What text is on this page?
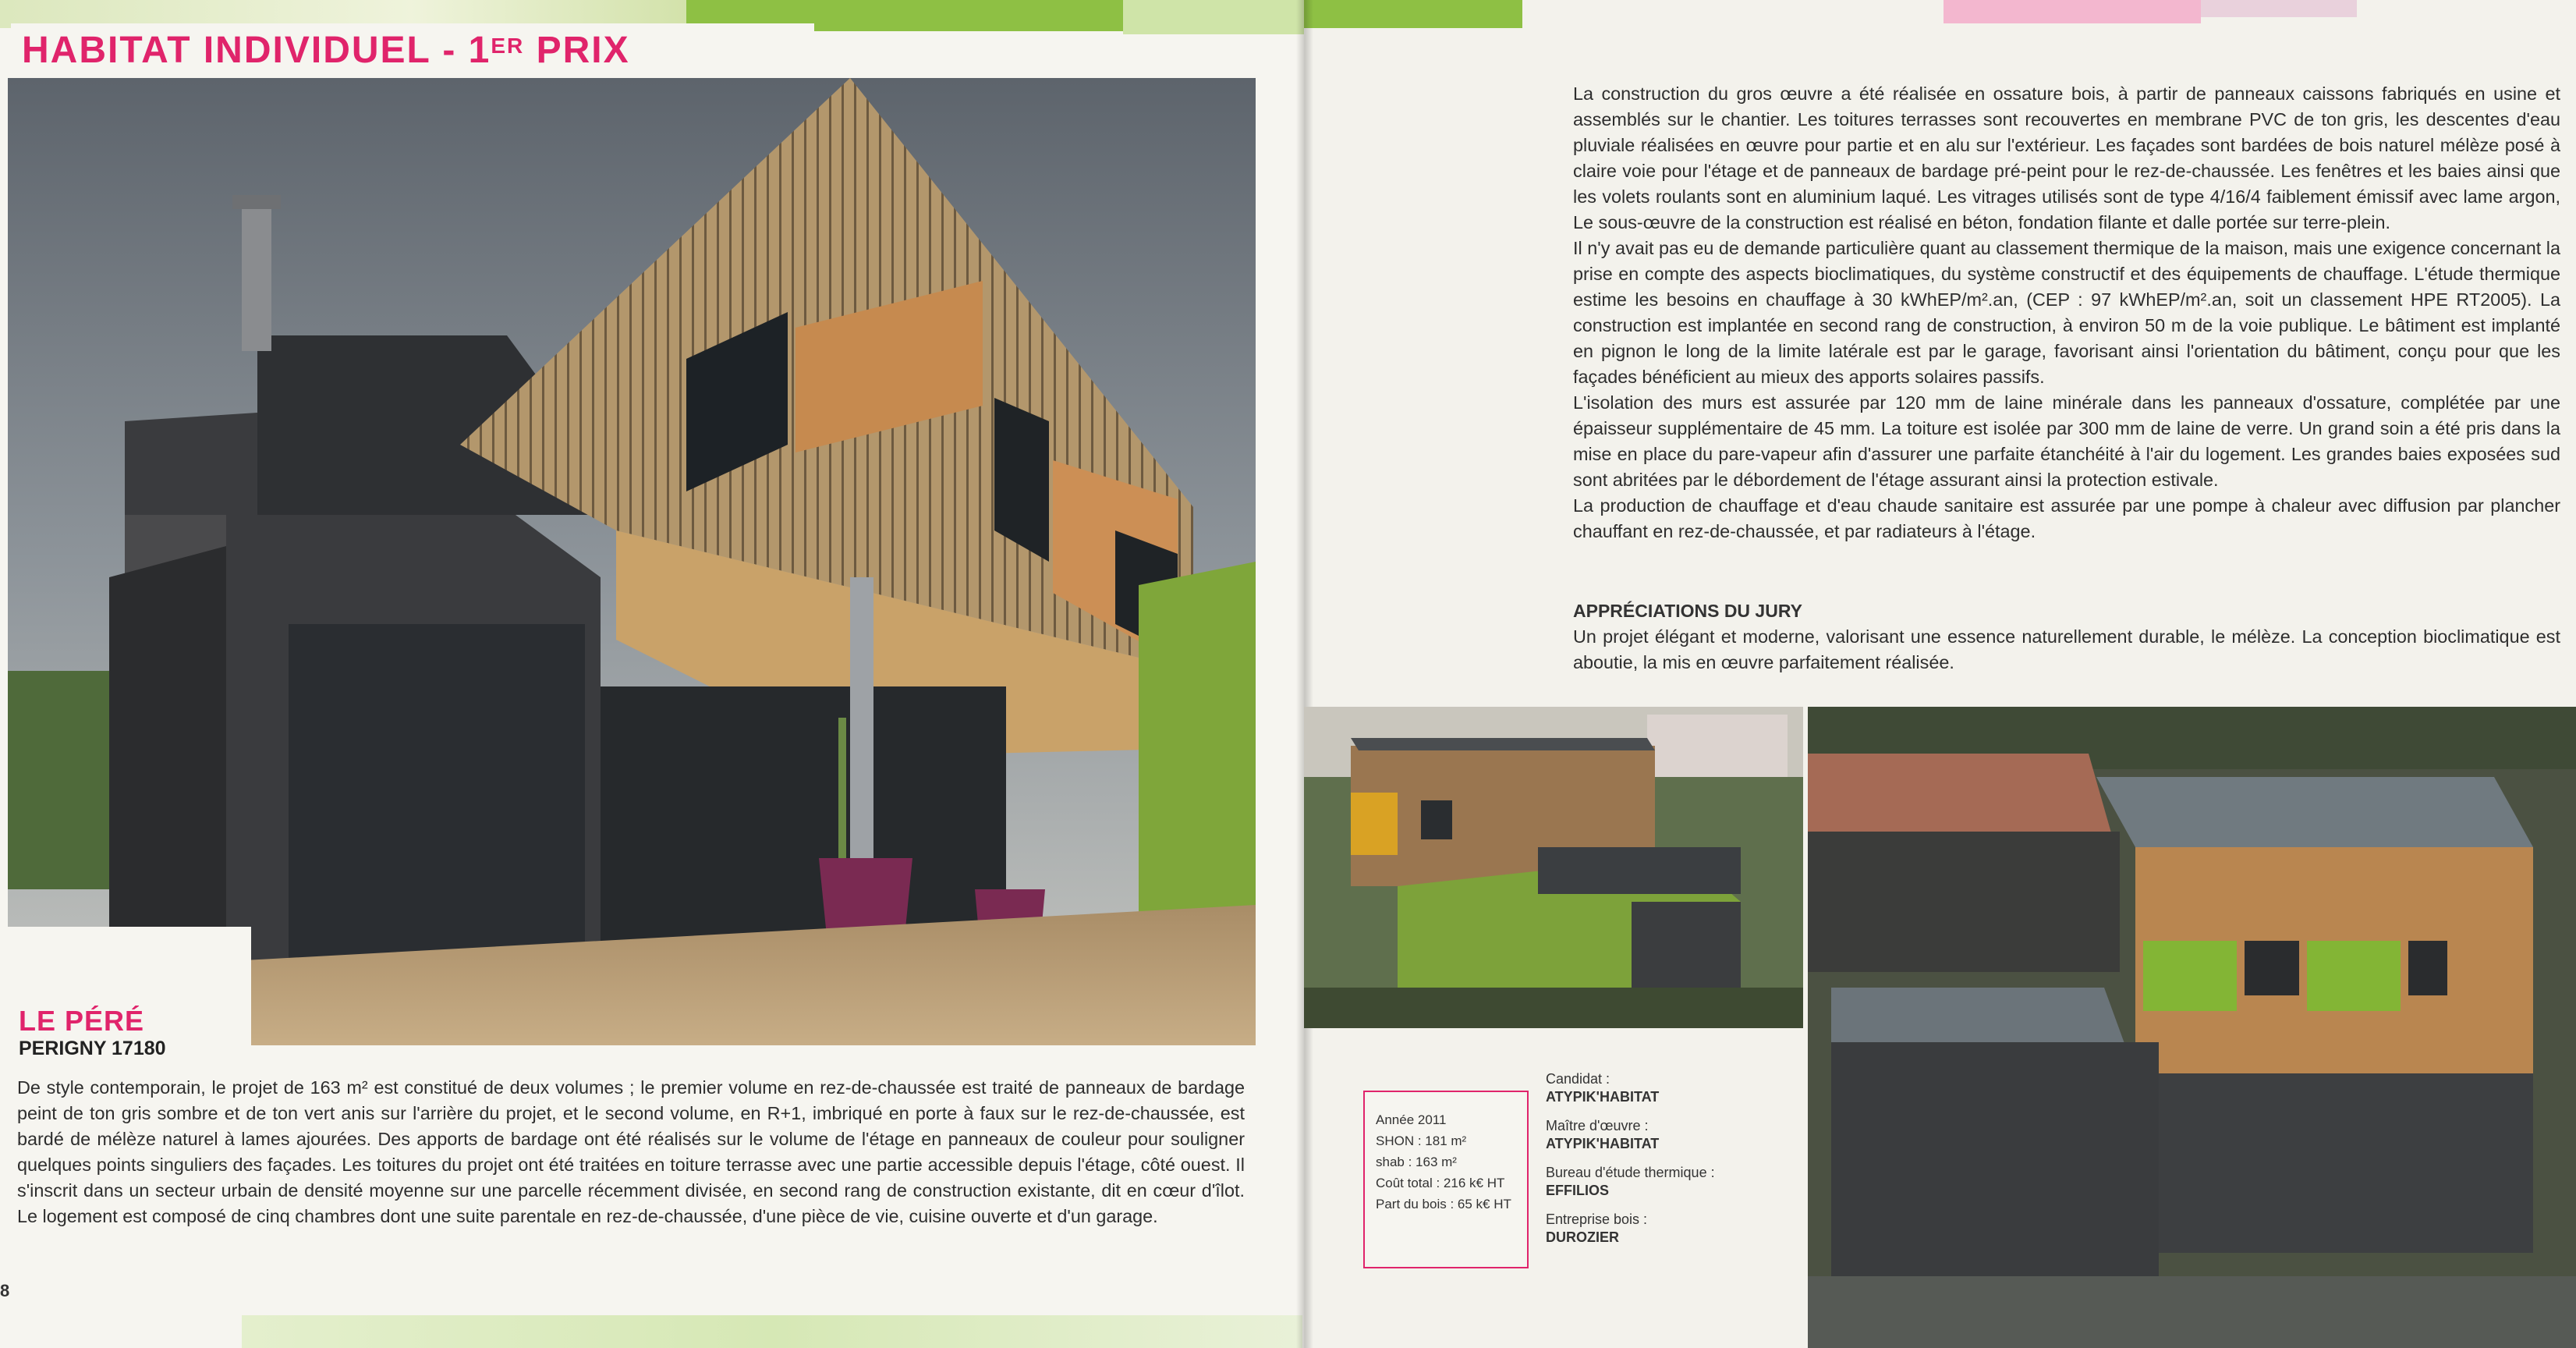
HABITAT INDIVIDUEL - 1ER PRIX
LE PÉRÉ
PERIGNY 17180
De style contemporain, le projet de 163 m² est constitué de deux volumes ; le premier volume en rez-de-chaussée est traité de panneaux de bardage peint de ton gris sombre et de ton vert anis sur l'arrière du projet, et le second volume, en R+1, imbriqué en porte à faux sur le rez-de-chaussée, est bardé de mélèze naturel à lames ajourées. Des apports de bardage ont été réalisés sur le volume de l'étage en panneaux de couleur pour souligner quelques points singuliers des façades. Les toitures du projet ont été traitées en toiture terrasse avec une partie accessible depuis l'étage, côté ouest. Il s'inscrit dans un secteur urbain de densité moyenne sur une parcelle récemment divisée, en second rang de construction existante, dit en cœur d'îlot. Le logement est composé de cinq chambres dont une suite parentale en rez-de-chaussée, d'une pièce de vie, cuisine ouverte et d'un garage.
8

La construction du gros œuvre a été réalisée en ossature bois, à partir de panneaux caissons fabriqués en usine et assemblés sur le chantier. Les toitures terrasses sont recouvertes en membrane PVC de ton gris, les descentes d'eau pluviale réalisées en œuvre pour partie et en alu sur l'extérieur. Les façades sont bardées de bois naturel mélèze posé à claire voie pour l'étage et de panneaux de bardage pré-peint pour le rez-de-chaussée. Les fenêtres et les baies ainsi que les volets roulants sont en aluminium laqué. Les vitrages utilisés sont de type 4/16/4 faiblement émissif avec lame argon, Le sous-œuvre de la construction est réalisé en béton, fondation filante et dalle portée sur terre-plein.

Il n'y avait pas eu de demande particulière quant au classement thermique de la maison, mais une exigence concernant la prise en compte des aspects bioclimatiques, du système constructif et des équipements de chauffage. L'étude thermique estime les besoins en chauffage à 30 kWhEP/m².an, (CEP : 97 kWhEP/m².an, soit un classement HPE RT2005). La construction est implantée en second rang de construction, à environ 50 m de la voie publique. Le bâtiment est implanté en pignon le long de la limite latérale est par le garage, favorisant ainsi l'orientation du bâtiment, conçu pour que les façades bénéficient au mieux des apports solaires passifs.

L'isolation des murs est assurée par 120 mm de laine minérale dans les panneaux d'ossature, complétée par une épaisseur supplémentaire de 45 mm. La toiture est isolée par 300 mm de laine de verre. Un grand soin a été pris dans la mise en place du pare-vapeur afin d'assurer une parfaite étanchéité à l'air du logement. Les grandes baies exposées sud sont abritées par le débordement de l'étage assurant ainsi la protection estivale.

La production de chauffage et d'eau chaude sanitaire est assurée par une pompe à chaleur avec diffusion par plancher chauffant en rez-de-chaussée, et par radiateurs à l'étage.

APPRÉCIATIONS DU JURY
Un projet élégant et moderne, valorisant une essence naturellement durable, le mélèze. La conception bioclimatique est aboutie, la mis en œuvre parfaitement réalisée.
Année 2011
SHON : 181 m²
shab : 163 m²
Coût total : 216 k€ HT
Part du bois : 65 k€ HT
Candidat :
ATYPIK'HABITAT
Maître d'œuvre :
ATYPIK'HABITAT
Bureau d'étude thermique :
EFFILIOS
Entreprise bois :
DUROZIER
